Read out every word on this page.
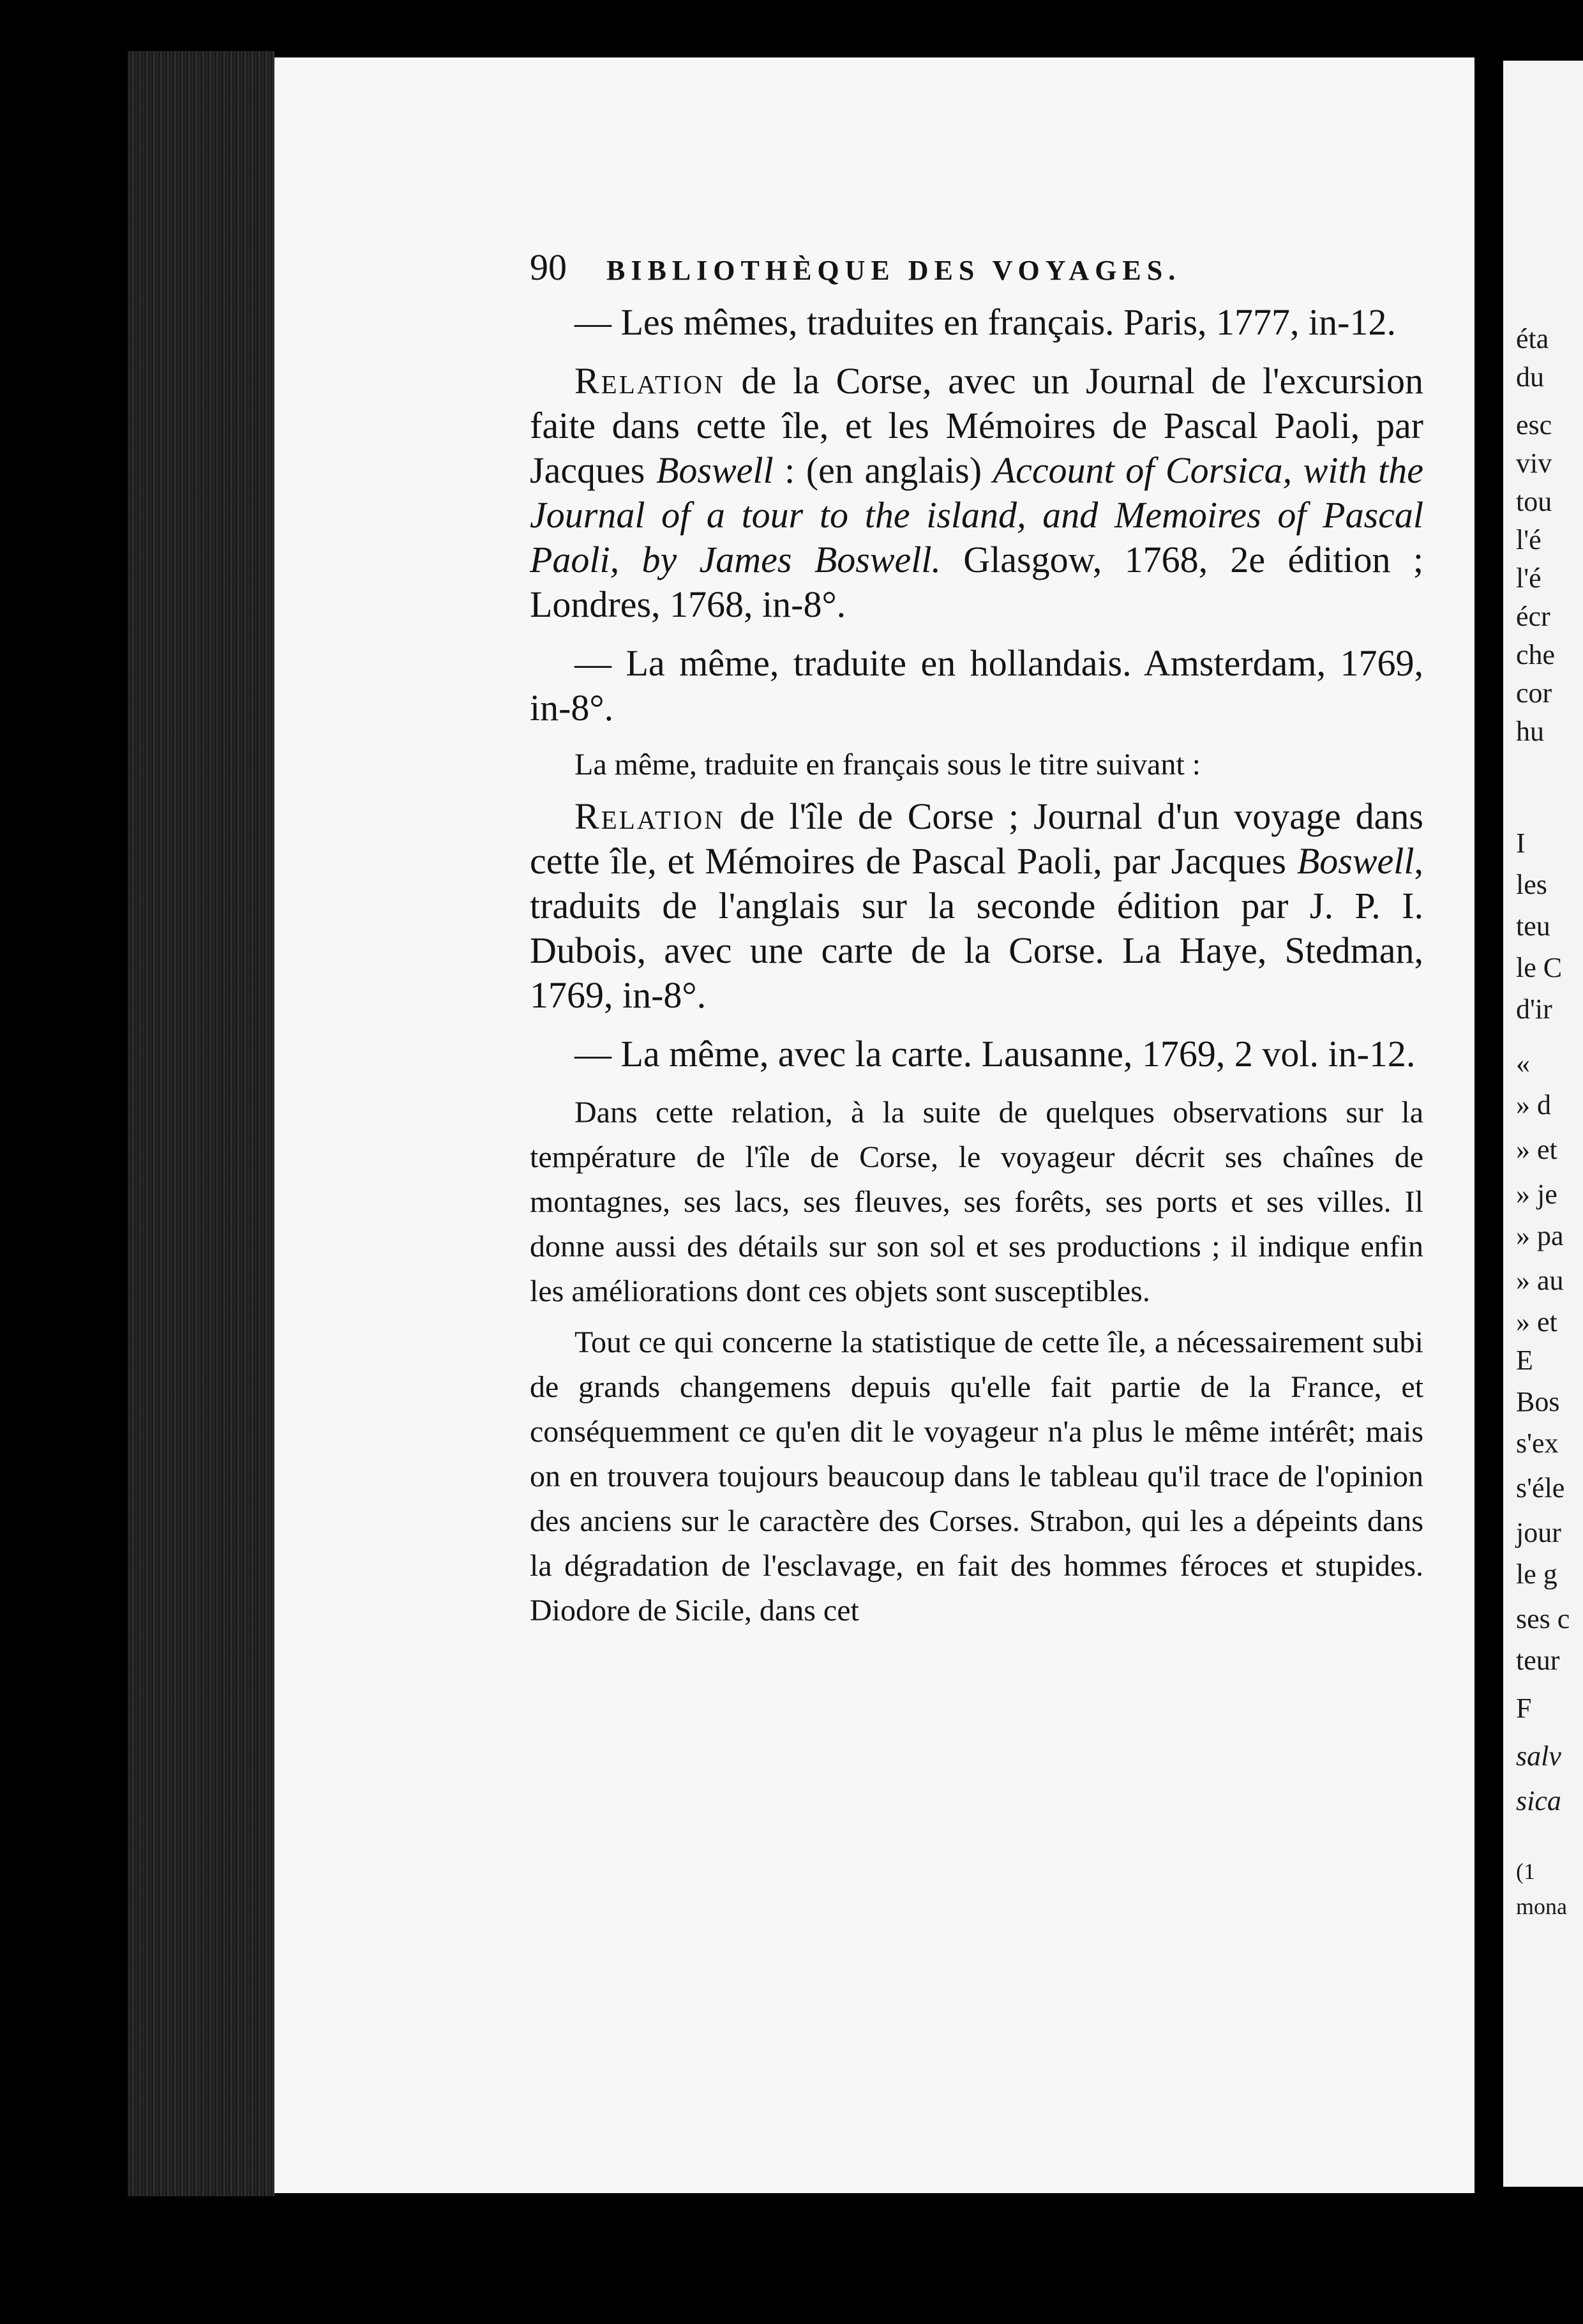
éta
du
esc
viv
tou
l'é
l'é
écr
che
cor
hu
I
les
teu
le C
d'ir
«
» d
» et
» je
» pa
» au
» et
E
Bos
s'ex
s'éle
jour
le g
ses c
teur
F
salv
sica
(1
mona
90 BIBLIOTHÈQUE DES VOYAGES.

— Les mêmes, traduites en français. Paris, 1777, in-12.

Relation de la Corse, avec un Journal de l'excursion faite dans cette île, et les Mémoires de Pascal Paoli, par Jacques Boswell : (en anglais) Account of Corsica, with the Journal of a tour to the island, and Memoires of Pascal Paoli, by James Boswell. Glasgow, 1768, 2e édition ; Londres, 1768, in-8°.

— La même, traduite en hollandais. Amsterdam, 1769, in-8°.

La même, traduite en français sous le titre suivant :

Relation de l'île de Corse ; Journal d'un voyage dans cette île, et Mémoires de Pascal Paoli, par Jacques Boswell, traduits de l'anglais sur la seconde édition par J. P. I. Dubois, avec une carte de la Corse. La Haye, Stedman, 1769, in-8°.

— La même, avec la carte. Lausanne, 1769, 2 vol. in-12.

Dans cette relation, à la suite de quelques observations sur la température de l'île de Corse, le voyageur décrit ses chaînes de montagnes, ses lacs, ses fleuves, ses forêts, ses ports et ses villes. Il donne aussi des détails sur son sol et ses productions ; il indique enfin les améliorations dont ces objets sont susceptibles.

Tout ce qui concerne la statistique de cette île, a nécessairement subi de grands changemens depuis qu'elle fait partie de la France, et conséquemment ce qu'en dit le voyageur n'a plus le même intérêt; mais on en trouvera toujours beaucoup dans le tableau qu'il trace de l'opinion des anciens sur le caractère des Corses. Strabon, qui les a dépeints dans la dégradation de l'esclavage, en fait des hommes féroces et stupides. Diodore de Sicile, dans cet
